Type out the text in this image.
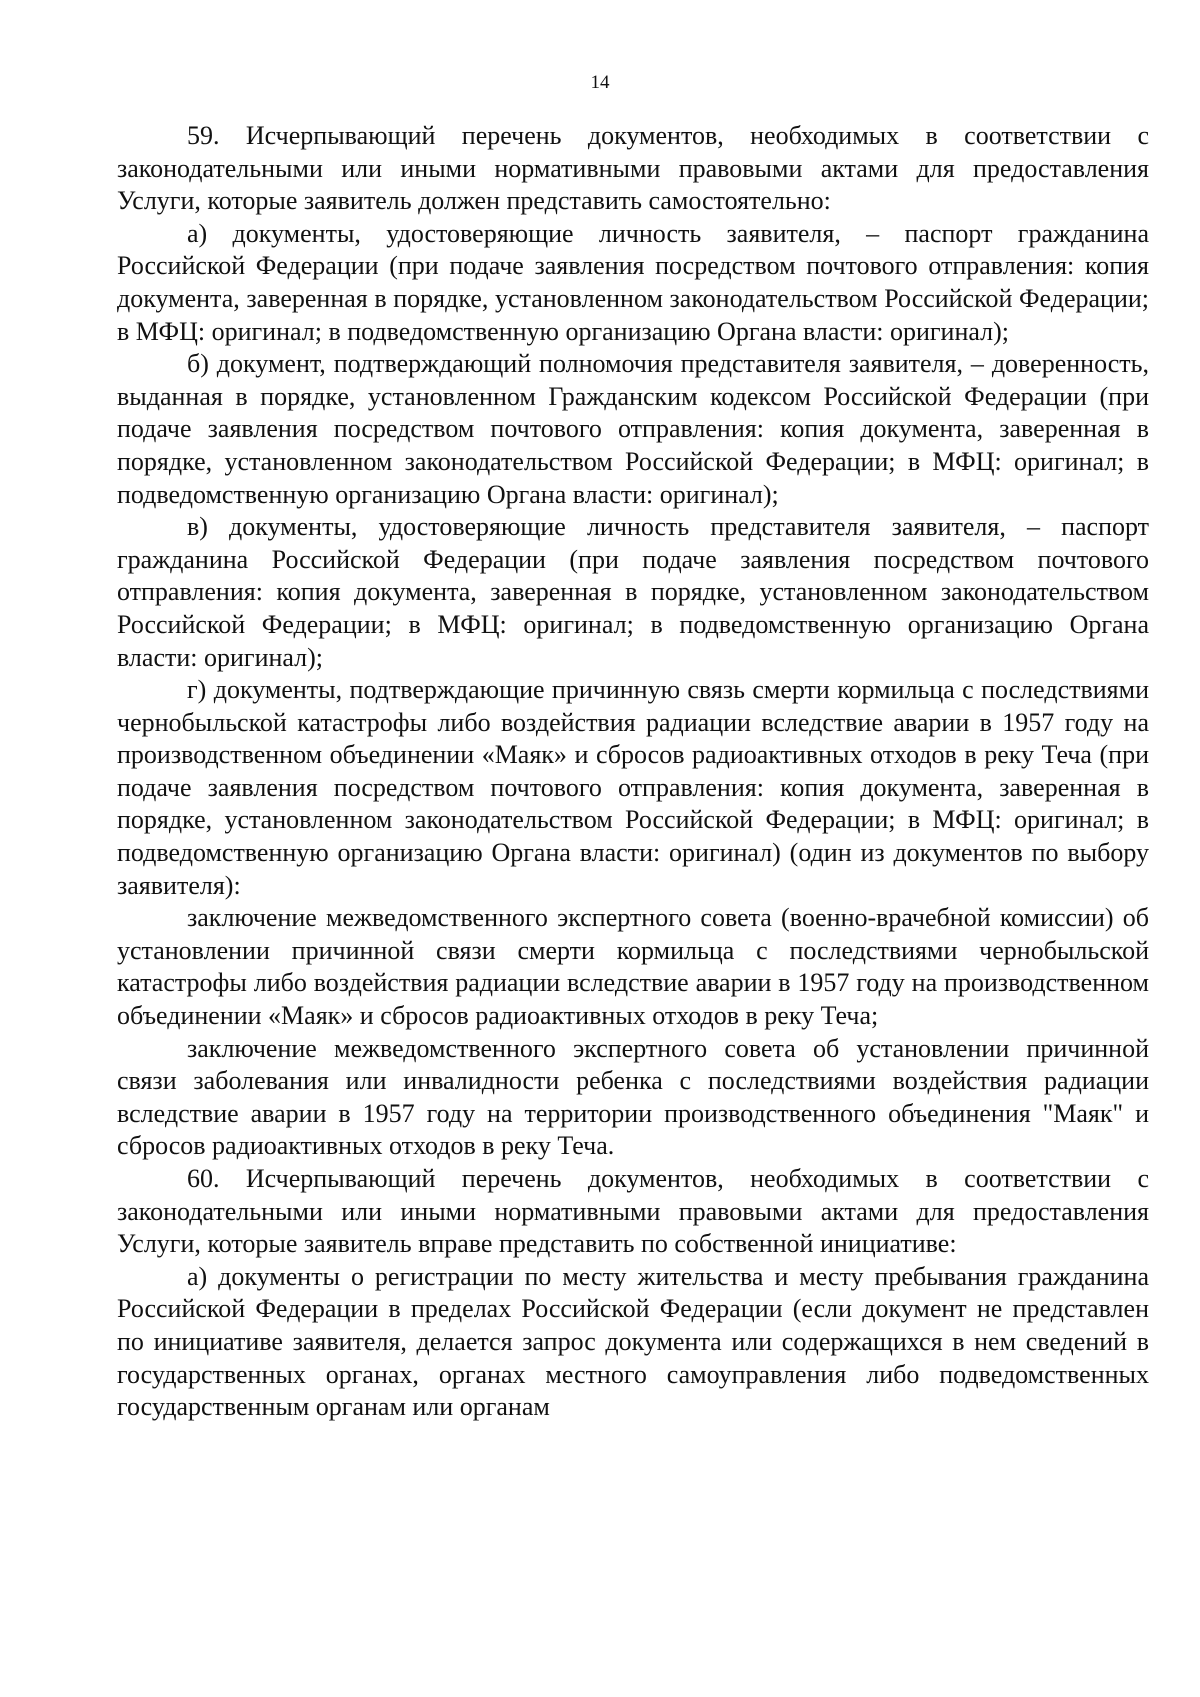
14

59. Исчерпывающий перечень документов, необходимых в соответствии с законодательными или иными нормативными правовыми актами для предоставления Услуги, которые заявитель должен представить самостоятельно:

а) документы, удостоверяющие личность заявителя, – паспорт гражданина Российской Федерации (при подаче заявления посредством почтового отправления: копия документа, заверенная в порядке, установленном законодательством Российской Федерации; в МФЦ: оригинал; в подведомственную организацию Органа власти: оригинал);

б) документ, подтверждающий полномочия представителя заявителя, – доверенность, выданная в порядке, установленном Гражданским кодексом Российской Федерации (при подаче заявления посредством почтового отправления: копия документа, заверенная в порядке, установленном законодательством Российской Федерации; в МФЦ: оригинал; в подведомственную организацию Органа власти: оригинал);

в) документы, удостоверяющие личность представителя заявителя, – паспорт гражданина Российской Федерации (при подаче заявления посредством почтового отправления: копия документа, заверенная в порядке, установленном законодательством Российской Федерации; в МФЦ: оригинал; в подведомственную организацию Органа власти: оригинал);

г) документы, подтверждающие причинную связь смерти кормильца с последствиями чернобыльской катастрофы либо воздействия радиации вследствие аварии в 1957 году на производственном объединении «Маяк» и сбросов радиоактивных отходов в реку Теча (при подаче заявления посредством почтового отправления: копия документа, заверенная в порядке, установленном законодательством Российской Федерации; в МФЦ: оригинал; в подведомственную организацию Органа власти: оригинал) (один из документов по выбору заявителя):

заключение межведомственного экспертного совета (военно-врачебной комиссии) об установлении причинной связи смерти кормильца с последствиями чернобыльской катастрофы либо воздействия радиации вследствие аварии в 1957 году на производственном объединении «Маяк» и сбросов радиоактивных отходов в реку Теча;

заключение межведомственного экспертного совета об установлении причинной связи заболевания или инвалидности ребенка с последствиями воздействия радиации вследствие аварии в 1957 году на территории производственного объединения "Маяк" и сбросов радиоактивных отходов в реку Теча.

60. Исчерпывающий перечень документов, необходимых в соответствии с законодательными или иными нормативными правовыми актами для предоставления Услуги, которые заявитель вправе представить по собственной инициативе:

а) документы о регистрации по месту жительства и месту пребывания гражданина Российской Федерации в пределах Российской Федерации (если документ не представлен по инициативе заявителя, делается запрос документа или содержащихся в нем сведений в государственных органах, органах местного самоуправления либо подведомственных государственным органам или органам
